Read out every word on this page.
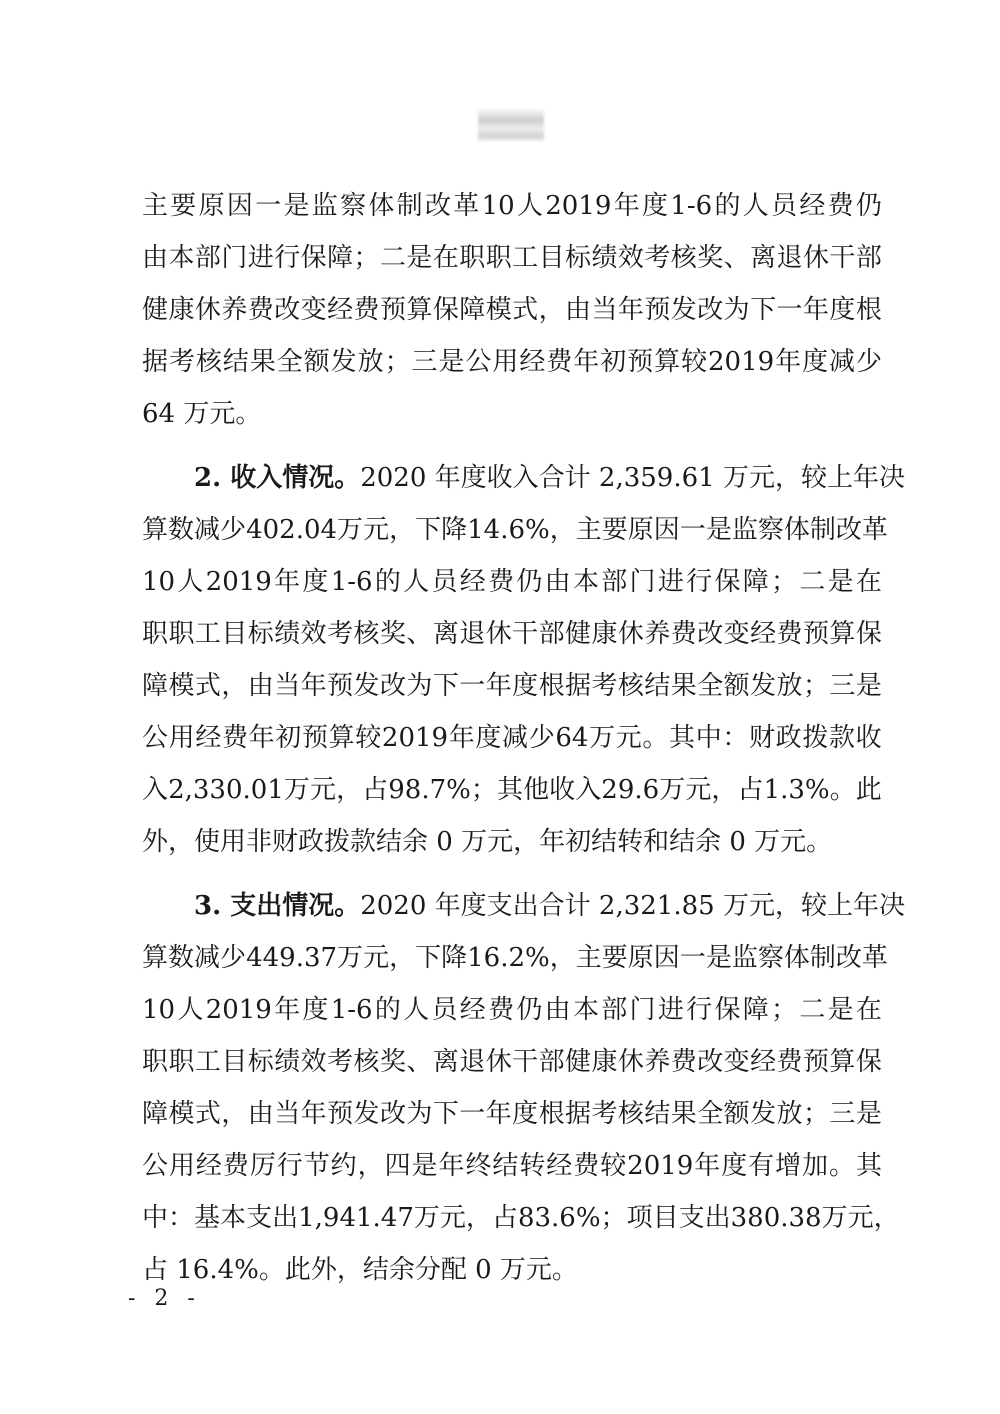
主 要 原 因 一 是 监 察 体 制 改 革 10 人 2019 年 度 1-6 的 人 员 经 费 仍
由 本 部 门 进 行 保 障 ； 二 是 在 职 职 工 目 标 绩 效 考 核 奖 、 离 退 休 干 部
健 康 休 养 费 改 变 经 费 预 算 保 障 模 式 ， 由 当 年 预 发 改 为 下 一 年 度 根
据 考 核 结 果 全 额 发 放 ； 三 是 公 用 经 费 年 初 预 算 较 2019 年 度 减 少
64 万元。
2. 收入情况。 2020 年度收入合计 2,359.61 万元，较上年决
算 数 减 少 402.04 万 元 ， 下 降 14.6% ， 主 要 原 因 一 是 监 察 体 制 改 革
10 人 2019 年 度 1-6 的 人 员 经 费 仍 由 本 部 门 进 行 保 障 ； 二 是 在
职 职 工 目 标 绩 效 考 核 奖 、 离 退 休 干 部 健 康 休 养 费 改 变 经 费 预 算 保
障 模 式 ， 由 当 年 预 发 改 为 下 一 年 度 根 据 考 核 结 果 全 额 发 放 ； 三 是
公 用 经 费 年 初 预 算 较 2019 年 度 减 少 64 万 元 。 其 中 ： 财 政 拨 款 收
入 2,330.01 万 元 ， 占 98.7% ； 其 他 收 入 29.6 万 元 ， 占 1.3% 。 此
外，使用非财政拨款结余 0 万元，年初结转和结余 0 万元。
3. 支出情况。 2020 年度支出合计 2,321.85 万元，较上年决
算 数 减 少 449.37 万 元 ， 下 降 16.2% ， 主 要 原 因 一 是 监 察 体 制 改 革
10 人 2019 年 度 1-6 的 人 员 经 费 仍 由 本 部 门 进 行 保 障 ； 二 是 在
职 职 工 目 标 绩 效 考 核 奖 、 离 退 休 干 部 健 康 休 养 费 改 变 经 费 预 算 保
障 模 式 ， 由 当 年 预 发 改 为 下 一 年 度 根 据 考 核 结 果 全 额 发 放 ； 三 是
公 用 经 费 厉 行 节 约 ， 四 是 年 终 结 转 经 费 较 2019 年 度 有 增 加 。 其
中 ： 基 本 支 出 1,941.47 万 元 ， 占 83.6% ； 项 目 支 出 380.38 万 元 ，
占 16.4%。此外，结余分配 0 万元。
- 2 -
